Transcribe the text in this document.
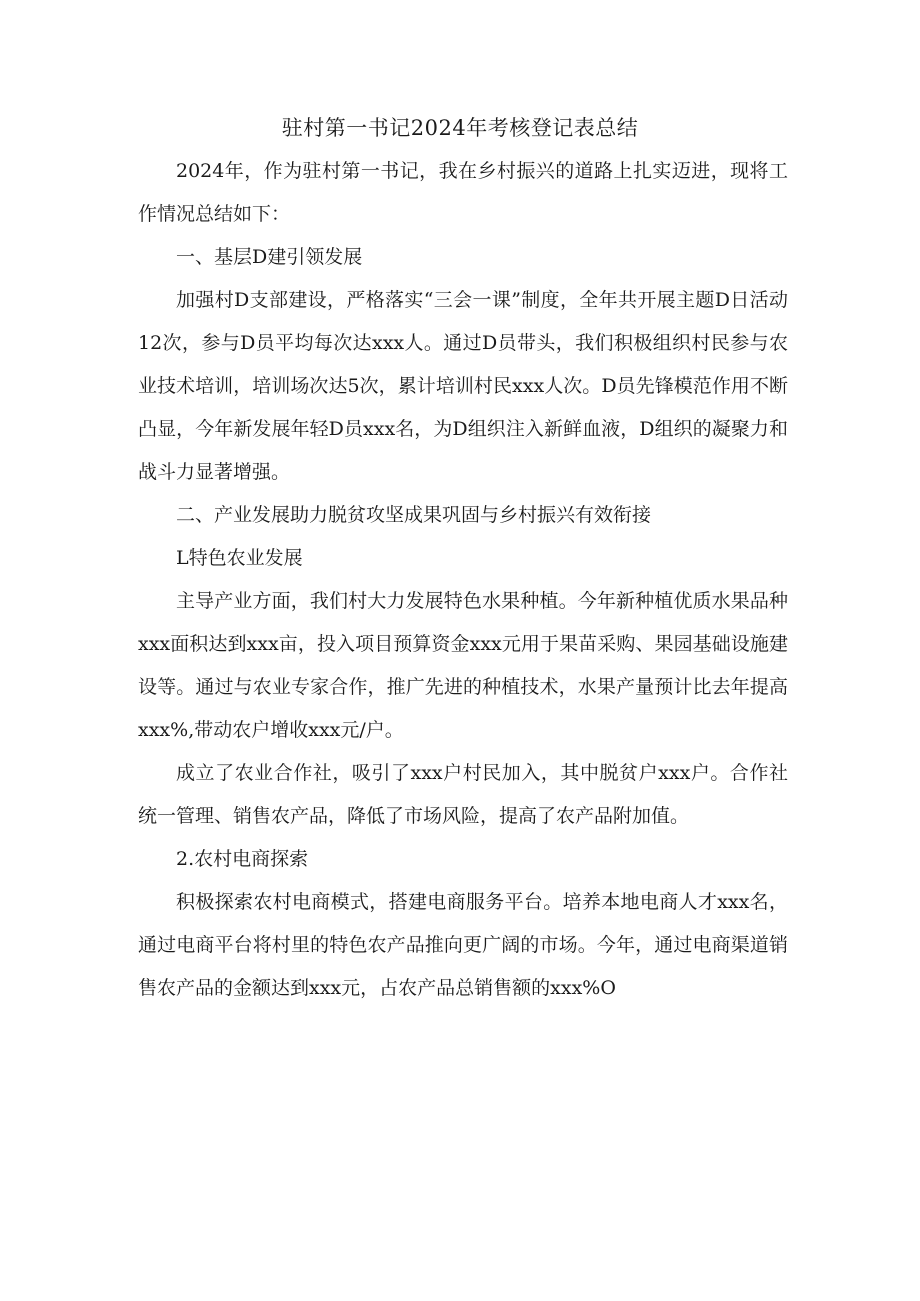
驻村第一书记2024年考核登记表总结

2024年，作为驻村第一书记，我在乡村振兴的道路上扎实迈进，现将工作情况总结如下：

一、基层D建引领发展

加强村D支部建设，严格落实“三会一课”制度，全年共开展主题D日活动12次，参与D员平均每次达xxx人。通过D员带头，我们积极组织村民参与农业技术培训，培训场次达5次，累计培训村民xxx人次。D员先锋模范作用不断凸显，今年新发展年轻D员xxx名，为D组织注入新鲜血液，D组织的凝聚力和战斗力显著增强。

二、产业发展助力脱贫攻坚成果巩固与乡村振兴有效衔接

L特色农业发展

主导产业方面，我们村大力发展特色水果种植。今年新种植优质水果品种xxx面积达到xxx亩，投入项目预算资金xxx元用于果苗采购、果园基础设施建设等。通过与农业专家合作，推广先进的种植技术，水果产量预计比去年提高xxx%,带动农户增收xxx元/户。

成立了农业合作社，吸引了xxx户村民加入，其中脱贫户xxx户。合作社统一管理、销售农产品，降低了市场风险，提高了农产品附加值。

2.农村电商探索

积极探索农村电商模式，搭建电商服务平台。培养本地电商人才xxx名，通过电商平台将村里的特色农产品推向更广阔的市场。今年，通过电商渠道销售农产品的金额达到xxx元，占农产品总销售额的xxx%O
